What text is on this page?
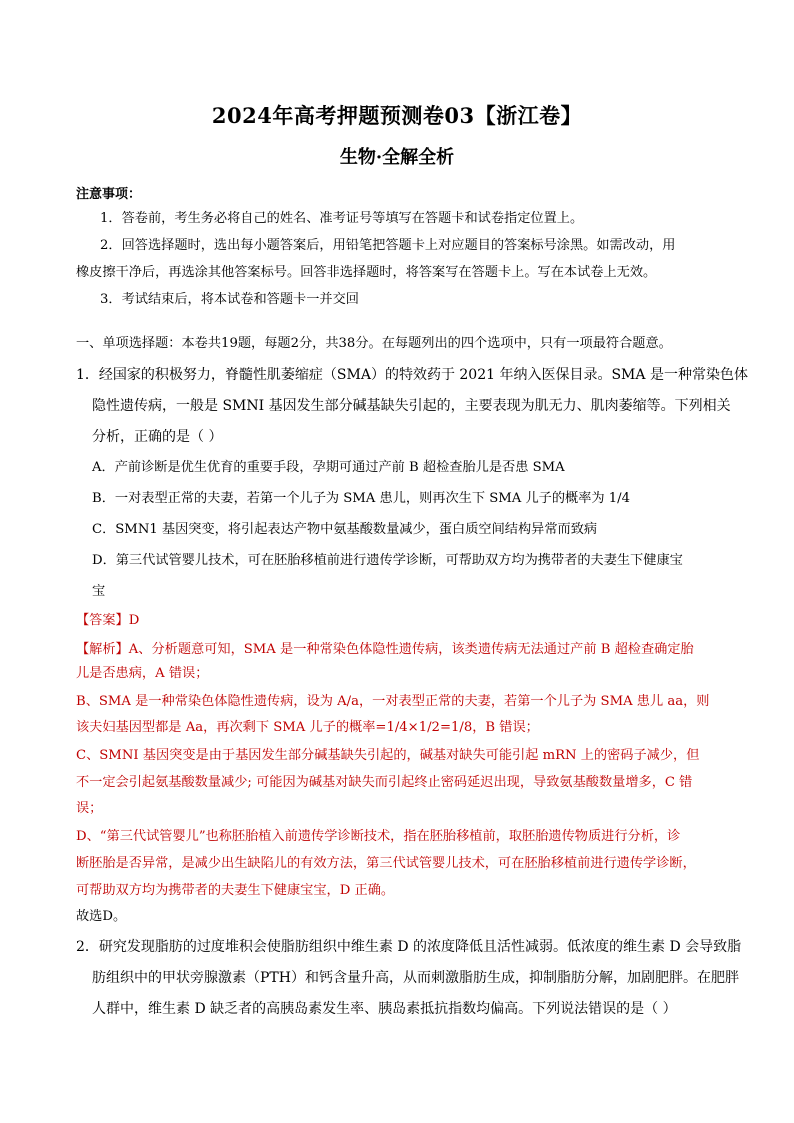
2024年高考押题预测卷03【浙江卷】
生物·全解全析
注意事项：
1．答卷前，考生务必将自己的姓名、准考证号等填写在答题卡和试卷指定位置上。
2．回答选择题时，选出每小题答案后，用铅笔把答题卡上对应题目的答案标号涂黑。如需改动，用
橡皮擦干净后，再选涂其他答案标号。回答非选择题时，将答案写在答题卡上。写在本试卷上无效。
3．考试结束后，将本试卷和答题卡一并交回
一、单项选择题：本卷共19题，每题2分，共38分。在每题列出的四个选项中，只有一项最符合题意。
1．经国家的积极努力，脊髓性肌萎缩症（SMA）的特效药于 2021 年纳入医保目录。SMA 是一种常染色体
隐性遗传病，一般是 SMNI 基因发生部分碱基缺失引起的，主要表现为肌无力、肌肉萎缩等。下列相关
分析，正确的是（ ）
A．产前诊断是优生优育的重要手段，孕期可通过产前 B 超检查胎儿是否患 SMA
B．一对表型正常的夫妻，若第一个儿子为 SMA 患儿，则再次生下 SMA 儿子的概率为 1/4
C．SMN1 基因突变，将引起表达产物中氨基酸数量减少，蛋白质空间结构异常而致病
D．第三代试管婴儿技术，可在胚胎移植前进行遗传学诊断，可帮助双方均为携带者的夫妻生下健康宝
宝
【答案】D
【解析】A、分析题意可知，SMA 是一种常染色体隐性遗传病，该类遗传病无法通过产前 B 超检查确定胎
儿是否患病，A 错误；
B、SMA 是一种常染色体隐性遗传病，设为 A/a，一对表型正常的夫妻，若第一个儿子为 SMA 患儿 aa，则
该夫妇基因型都是 Aa，再次剩下 SMA 儿子的概率=1/4×1/2=1/8，B 错误；
C、SMNI 基因突变是由于基因发生部分碱基缺失引起的，碱基对缺失可能引起 mRN 上的密码子减少，但
不一定会引起氨基酸数量减少; 可能因为碱基对缺失而引起终止密码延迟出现，导致氨基酸数量增多，C 错
误；
D、“第三代试管婴儿”也称胚胎植入前遗传学诊断技术，指在胚胎移植前，取胚胎遗传物质进行分析，诊
断胚胎是否异常，是减少出生缺陷儿的有效方法，第三代试管婴儿技术，可在胚胎移植前进行遗传学诊断，
可帮助双方均为携带者的夫妻生下健康宝宝，D 正确。
故选D。
2．研究发现脂肪的过度堆积会使脂肪组织中维生素 D 的浓度降低且活性减弱。低浓度的维生素 D 会导致脂
肪组织中的甲状旁腺激素（PTH）和钙含量升高，从而刺激脂肪生成，抑制脂肪分解，加剧肥胖。在肥胖
人群中，维生素 D 缺乏者的高胰岛素发生率、胰岛素抵抗指数均偏高。下列说法错误的是（ ）
